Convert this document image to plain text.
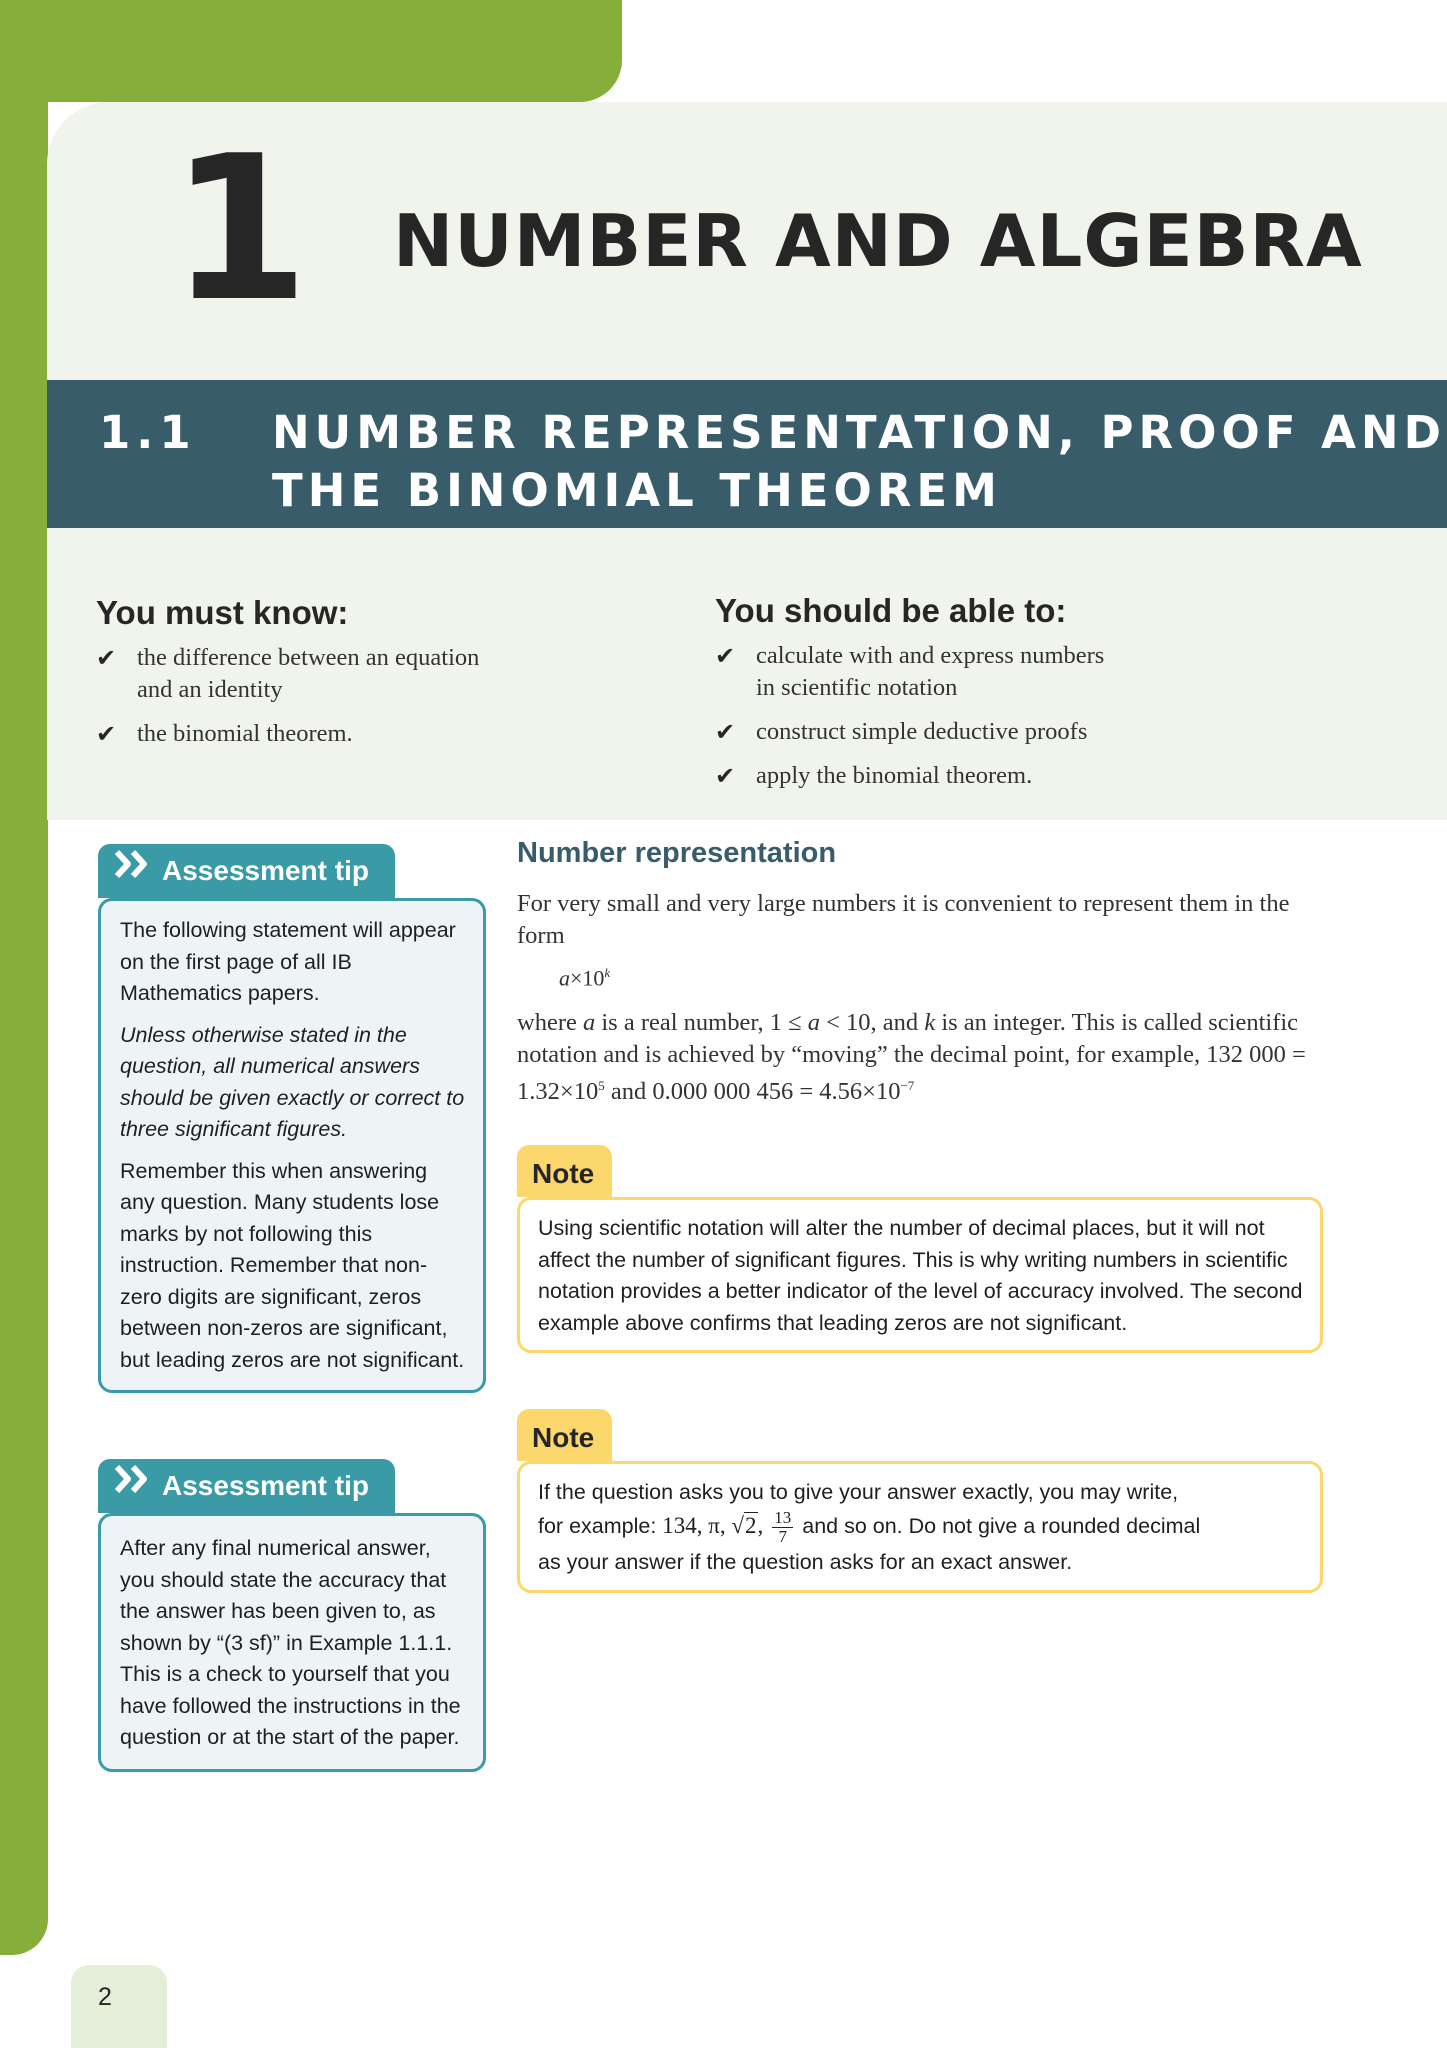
1 NUMBER AND ALGEBRA
1.1 NUMBER REPRESENTATION, PROOF AND
THE BINOMIAL THEOREM
You must know:
✔ the difference between an equation
and an identity
✔ the binomial theorem.
You should be able to:
✔ calculate with and express numbers
in scientific notation
✔ construct simple deductive proofs
✔ apply the binomial theorem.
Assessment tip

The following statement will appear on the first page of all IB Mathematics papers.

Unless otherwise stated in the question, all numerical answers should be given exactly or correct to three significant figures.

Remember this when answering any question. Many students lose marks by not following this instruction. Remember that non-zero digits are significant, zeros between non-zeros are significant, but leading zeros are not significant.

Assessment tip

After any final numerical answer, you should state the accuracy that the answer has been given to, as shown by “(3 sf)” in Example 1.1.1. This is a check to yourself that you have followed the instructions in the question or at the start of the paper.

Number representation

For very small and very large numbers it is convenient to represent them in the form

$a\times 10^k$

where a is a real number, 1 ≤ a < 10, and k is an integer. This is called scientific notation and is achieved by “moving” the decimal point, for example, 132 $000 = 1.32\times 10^5$ and 0.000 000 $456 = 4.56\times 10^{-7}$

Note
Using scientific notation will alter the number of decimal places, but it will not affect the number of significant figures. This is why writing numbers in scientific notation provides a better indicator of the level of accuracy involved. The second example above confirms that leading zeros are not significant.
Note
If the question asks you to give your answer exactly, you may write,
for example: 134, π, √2, $\frac{13}{7}$ and so on. Do not give a rounded decimal
as your answer if the question asks for an exact answer.
2
